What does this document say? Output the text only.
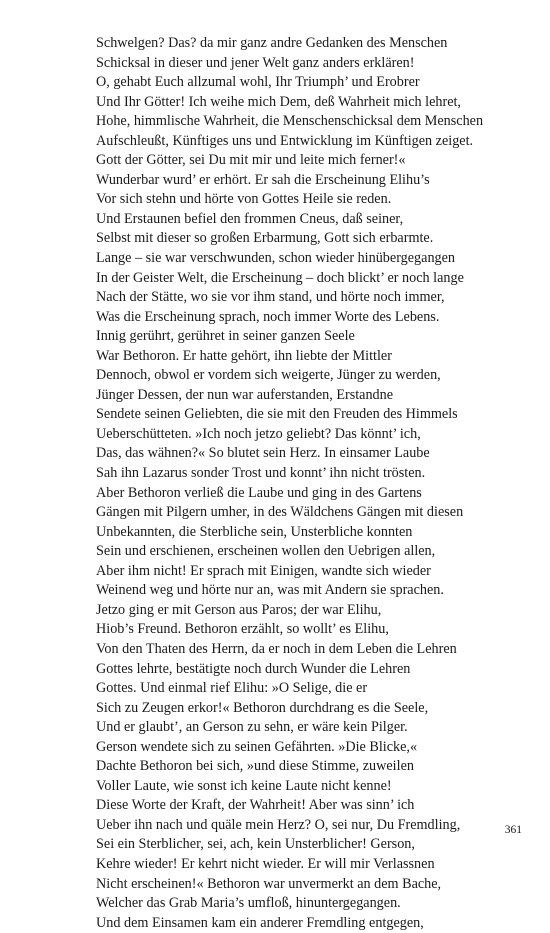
Schwelgen? Das? da mir ganz andre Gedanken des Menschen
Schicksal in dieser und jener Welt ganz anders erklären!
O, gehabt Euch allzumal wohl, Ihr Triumph’ und Erobrer
Und Ihr Götter! Ich weihe mich Dem, deß Wahrheit mich lehret,
Hohe, himmlische Wahrheit, die Menschenschicksal dem Menschen
Aufschleußt, Künftiges uns und Entwicklung im Künftigen zeiget.
Gott der Götter, sei Du mit mir und leite mich ferner!«
Wunderbar wurd’ er erhört. Er sah die Erscheinung Elihu’s
Vor sich stehn und hörte von Gottes Heile sie reden.
Und Erstaunen befiel den frommen Cneus, daß seiner,
Selbst mit dieser so großen Erbarmung, Gott sich erbarmte.
Lange – sie war verschwunden, schon wieder hinübergegangen
In der Geister Welt, die Erscheinung – doch blickt’ er noch lange
Nach der Stätte, wo sie vor ihm stand, und hörte noch immer,
Was die Erscheinung sprach, noch immer Worte des Lebens.
Innig gerührt, gerühret in seiner ganzen Seele
War Bethoron. Er hatte gehört, ihn liebte der Mittler
Dennoch, obwol er vordem sich weigerte, Jünger zu werden,
Jünger Dessen, der nun war auferstanden, Erstandne
Sendete seinen Geliebten, die sie mit den Freuden des Himmels
Ueberschütteten. »Ich noch jetzo geliebt? Das könnt’ ich,
Das, das wähnen?« So blutet sein Herz. In einsamer Laube
Sah ihn Lazarus sonder Trost und konnt’ ihn nicht trösten.
Aber Bethoron verließ die Laube und ging in des Gartens
Gängen mit Pilgern umher, in des Wäldchens Gängen mit diesen
Unbekannten, die Sterbliche sein, Unsterbliche konnten
Sein und erschienen, erscheinen wollen den Uebrigen allen,
Aber ihm nicht! Er sprach mit Einigen, wandte sich wieder
Weinend weg und hörte nur an, was mit Andern sie sprachen.
Jetzo ging er mit Gerson aus Paros; der war Elihu,
Hiob’s Freund. Bethoron erzählt, so wollt’ es Elihu,
Von den Thaten des Herrn, da er noch in dem Leben die Lehren
Gottes lehrte, bestätigte noch durch Wunder die Lehren
Gottes. Und einmal rief Elihu: »O Selige, die er
Sich zu Zeugen erkor!« Bethoron durchdrang es die Seele,
Und er glaubt’, an Gerson zu sehn, er wäre kein Pilger.
Gerson wendete sich zu seinen Gefährten. »Die Blicke,«
Dachte Bethoron bei sich, »und diese Stimme, zuweilen
Voller Laute, wie sonst ich keine Laute nicht kenne!
Diese Worte der Kraft, der Wahrheit! Aber was sinn’ ich
Ueber ihn nach und quäle mein Herz? O, sei nur, Du Fremdling,
Sei ein Sterblicher, sei, ach, kein Unsterblicher! Gerson,
Kehre wieder! Er kehrt nicht wieder. Er will mir Verlassnen
Nicht erscheinen!« Bethoron war unvermerkt an dem Bache,
Welcher das Grab Maria’s umfloß, hinuntergegangen.
Und dem Einsamen kam ein anderer Fremdling entgegen,
361
